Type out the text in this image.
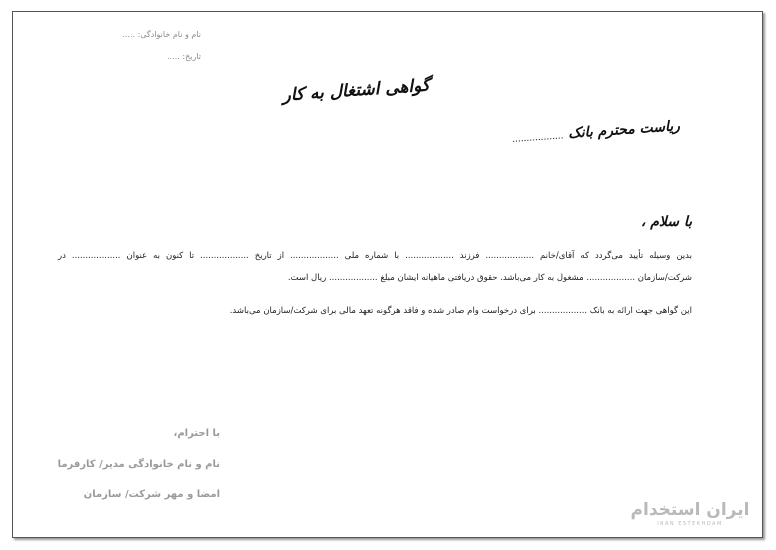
نام و نام خانوادگی: .....
تاریخ: .....
گواهی اشتغال به کار
ریاست محترم بانک ..................
با سلام ،
بدین وسیله تأیید می‌گردد که آقای/خانم .................. فرزند .................. با شماره ملی .................. از تاریخ .................. تا کنون به عنوان .................. در
شرکت/سازمان .................. مشغول به کار می‌باشد. حقوق دریافتی ماهیانه ایشان مبلغ .................. ریال است.
این گواهی جهت ارائه به بانک .................. برای درخواست وام صادر شده و فاقد هرگونه تعهد مالی برای شرکت/سازمان می‌باشد.
با احترام،
نام و نام خانوادگی مدیر/ کارفرما
امضا و مهر شرکت/ سازمان
ایران استخدام
IRAN ESTEKHDAM
